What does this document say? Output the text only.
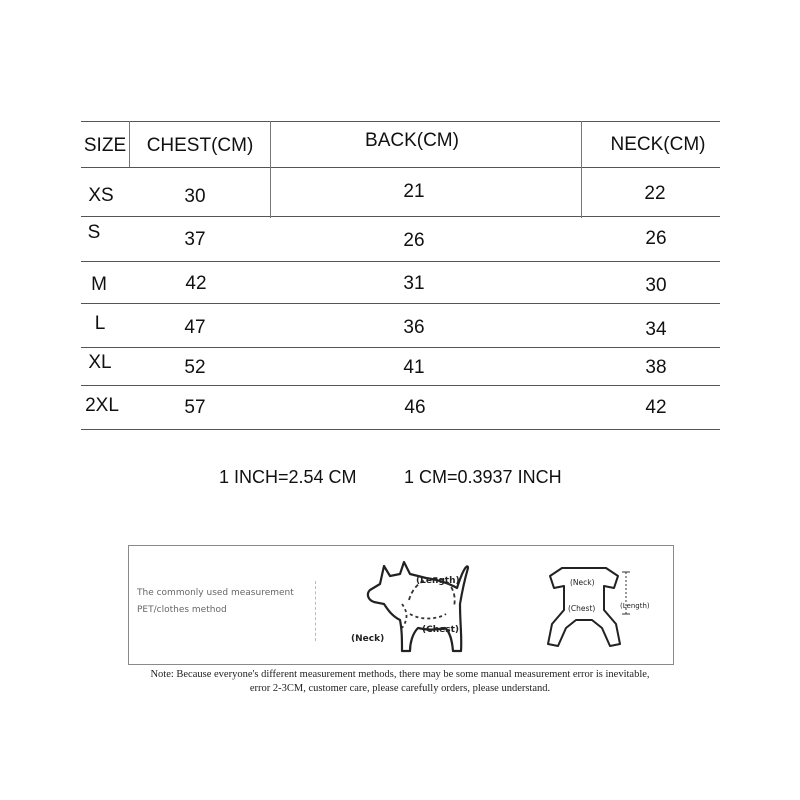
SIZE CHEST(CM)	BACK(CM)	NECK(CM)
XS	30	21	22
S	37	26	26
M	42	31	30
L	47	36	34
XL	52	41	38
2XL	57	46	42
1 INCH=2.54 CM	1 CM=0.3937 INCH
The commonly used measurement
PET/clothes method
(Length)
(Chest)
(Neck)
(Neck)
(Chest)	(Length)
Note: Because everyone's different measurement methods, there may be some manual measurement error is inevitable,
error 2-3CM, customer care, please carefully orders, please understand.
